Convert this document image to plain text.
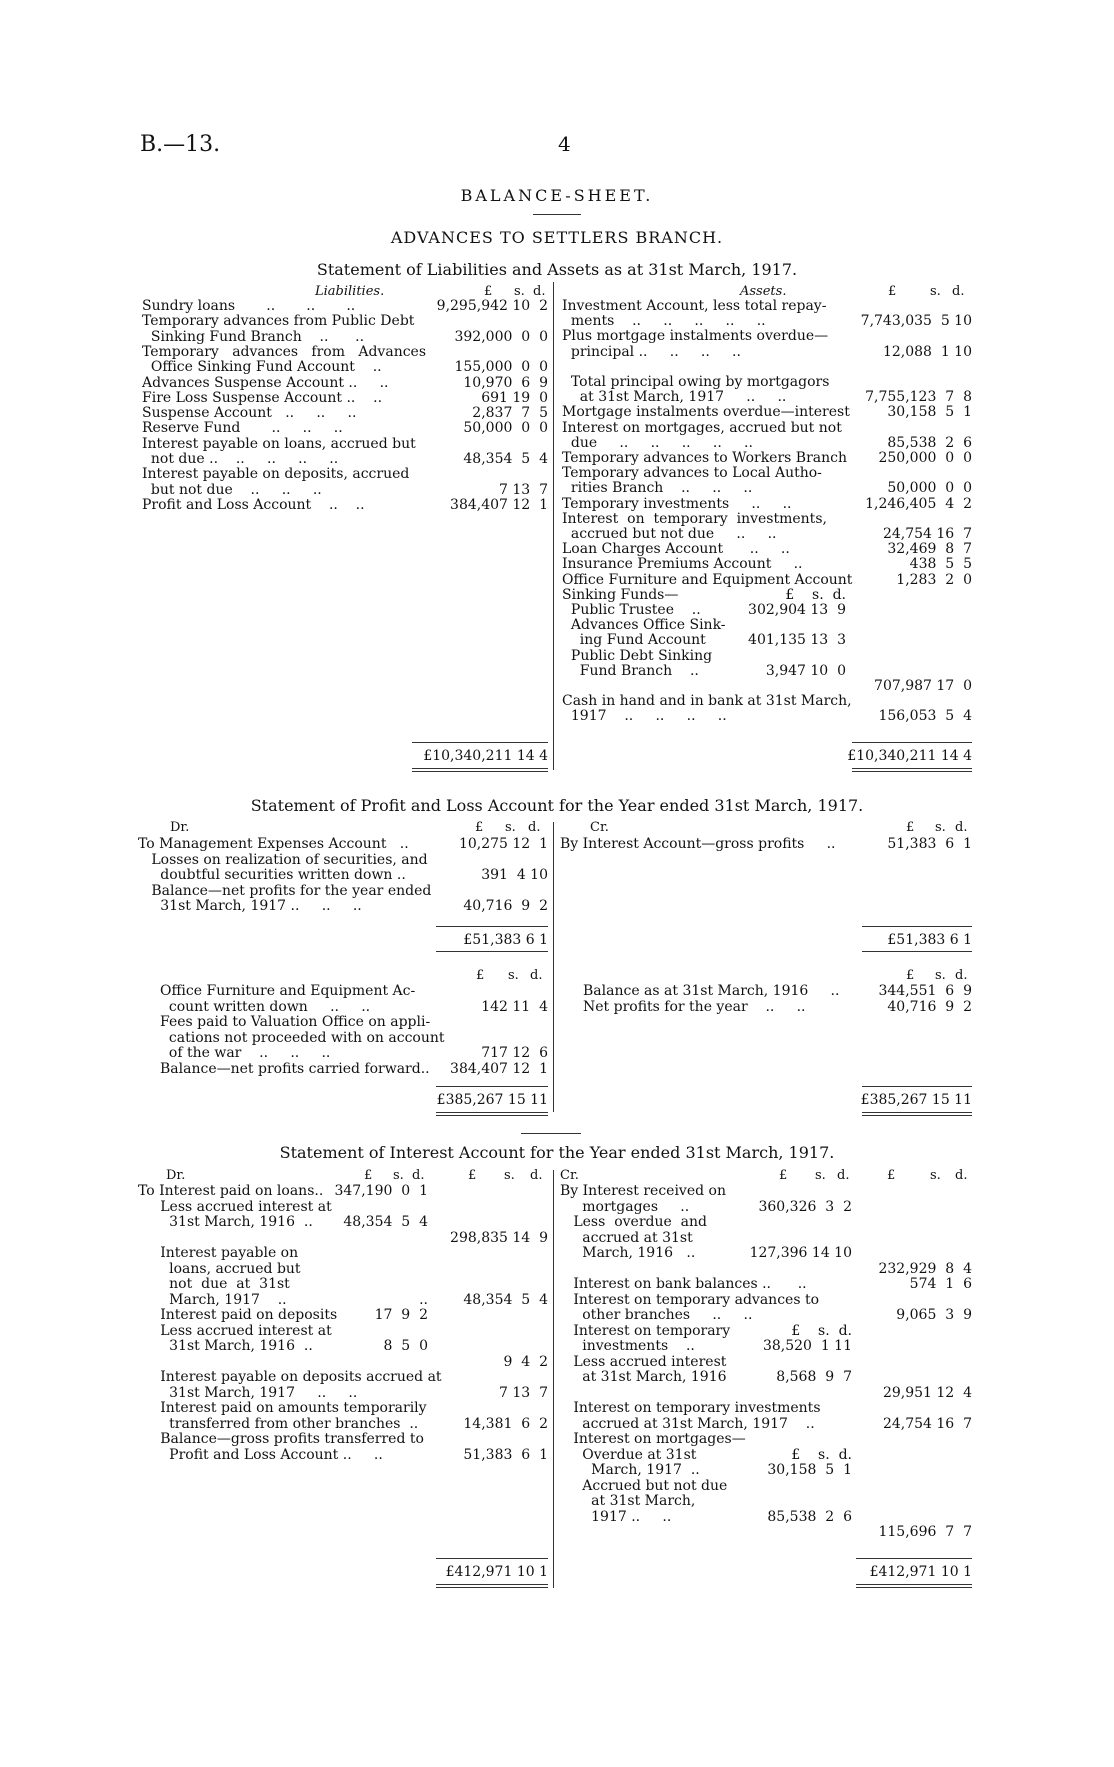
B.—13.	4
BALANCE-SHEET.
ADVANCES TO SETTLERS BRANCH.
Statement of Liabilities and Assets as at 31st March, 1917.
Liabilities.	£ s. d.	Assets.	£	s. d.
Sundry loans       ..       ..       ..	9,295,942 10  2
Temporary advances from Public Debt
Sinking Fund Branch    ..      ..	392,000  0  0
Temporary   advances   from   Advances
Office Sinking Fund Account    ..	155,000  0  0
Advances Suspense Account ..     ..	10,970  6  9
Fire Loss Suspense Account ..    ..	691 19  0
Suspense Account   ..     ..     ..	2,837  7  5
Reserve Fund       ..     ..     ..	50,000  0  0
Interest payable on loans, accrued but
not due ..    ..     ..     ..     ..	48,354  5  4
Interest payable on deposits, accrued
but not due    ..     ..     ..	7 13  7
Profit and Loss Account    ..    ..	384,407 12  1
Investment Account, less total repay-
ments    ..     ..     ..     ..     ..	7,743,035  5 10
Plus mortgage instalments overdue—
principal ..     ..     ..     ..	12,088  1 10
Total principal owing by mortgagors
at 31st March, 1917     ..     ..	7,755,123  7  8
Mortgage instalments overdue—interest	30,158  5  1
Interest on mortgages, accrued but not
due     ..     ..     ..     ..     ..	85,538  2  6
Temporary advances to Workers Branch	250,000  0  0
Temporary advances to Local Autho-
rities Branch    ..     ..     ..	50,000  0  0
Temporary investments     ..     ..	1,246,405  4  2
Interest  on  temporary  investments,
accrued but not due     ..     ..	24,754 16  7
Loan Charges Account      ..     ..	32,469  8  7
Insurance Premiums Account     ..	438  5  5
Office Furniture and Equipment Account	1,283  2  0
Sinking Funds—	£    s.  d.
Public Trustee    ..	302,904 13  9
Advances Office Sink-
ing Fund Account	401,135 13  3
Public Debt Sinking
Fund Branch    ..	3,947 10  0
707,987 17  0
Cash in hand and in bank at 31st March,
1917    ..     ..     ..     ..	156,053  5  4
£10,340,211 14 4	£10,340,211 14 4
Statement of Profit and Loss Account for the Year ended 31st March, 1917.
Dr.	£ s. d.	Cr.	£ s. d.
To Management Expenses Account   ..	10,275 12  1
Losses on realization of securities, and
doubtful securities written down ..	391  4 10
Balance—net profits for the year ended
31st March, 1917 ..     ..     ..	40,716  9  2
By Interest Account—gross profits     ..	51,383  6  1
£51,383 6 1	£51,383 6 1
£ s. d.	£ s. d.
Office Furniture and Equipment Ac-
count written down     ..     ..	142 11  4
Fees paid to Valuation Office on appli-
cations not proceeded with on account
of the war    ..     ..     ..	717 12  6
Balance—net profits carried forward..	384,407 12  1
Balance as at 31st March, 1916     ..	344,551  6  9
Net profits for the year    ..     ..	40,716  9  2
£385,267 15 11	£385,267 15 11
Statement of Interest Account for the Year ended 31st March, 1917.
Dr.	£ s. d.	£ s. d. Cr.	£ s. d.	£	s. d.
To Interest paid on loans.. 347,190  0  1
Less accrued interest at
31st March, 1916  ..	48,354  5  4
298,835 14  9
Interest payable on
loans, accrued but
not  due  at  31st
March, 1917    ..	..	48,354  5  4
Interest paid on deposits	17  9  2
Less accrued interest at
31st March, 1916  ..	8  5  0
9  4  2
Interest payable on deposits accrued at
31st March, 1917     ..     ..	7 13  7
Interest paid on amounts temporarily
transferred from other branches  ..	14,381  6  2
Balance—gross profits transferred to
Profit and Loss Account ..     ..	51,383  6  1
By Interest received on
mortgages     ..	360,326  3  2
Less  overdue  and
accrued at 31st
March, 1916   ..	127,396 14 10
232,929  8  4
Interest on bank balances ..      ..	574  1  6
Interest on temporary advances to
other branches     ..     ..	9,065  3  9
Interest on temporary	£    s.  d.
investments    ..	38,520  1 11
Less accrued interest
at 31st March, 1916	8,568  9  7
29,951 12  4
Interest on temporary investments
accrued at 31st March, 1917    ..	24,754 16  7
Interest on mortgages—
Overdue at 31st	£    s.  d.
March, 1917  ..	30,158  5  1
Accrued but not due
at 31st March,
1917 ..     ..	85,538  2  6
115,696  7  7
£412,971 10 1	£412,971 10 1
